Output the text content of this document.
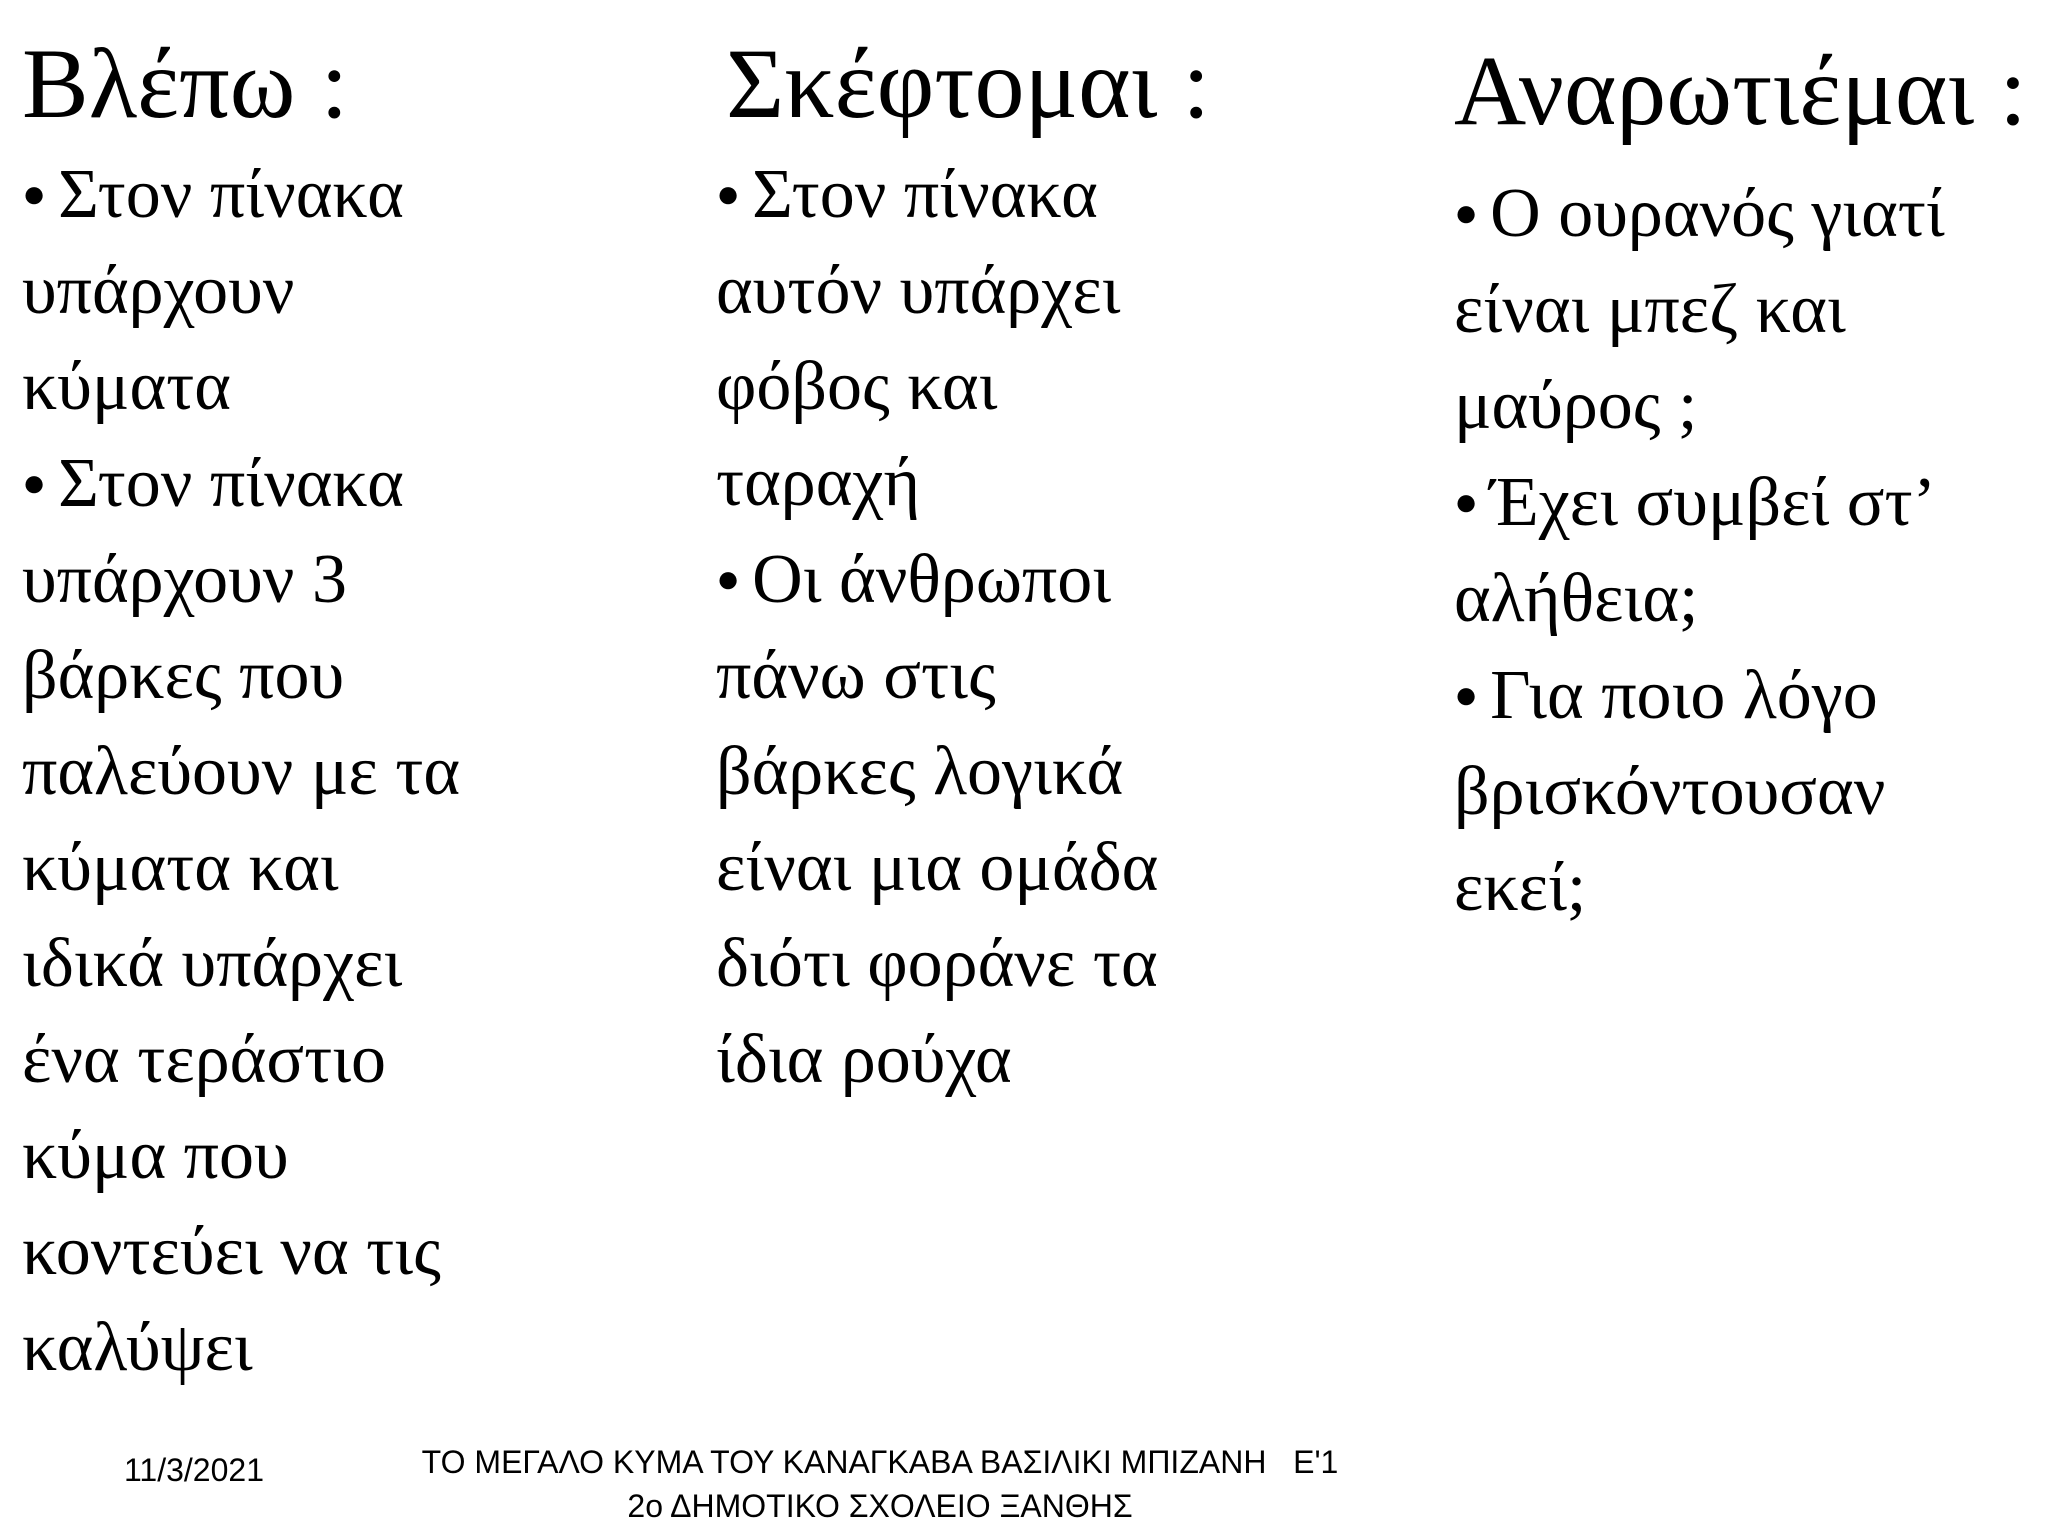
Βλέπω :
● Στον πίνακα
υπάρχουν
κύματα
● Στον πίνακα
υπάρχουν 3
βάρκες που
παλεύουν με τα
κύματα και
ιδικά υπάρχει
ένα τεράστιο
κύμα που
κοντεύει να τις
καλύψει
Σκέφτομαι :
● Στον πίνακα
αυτόν υπάρχει
φόβος και
ταραχή
● Οι άνθρωποι
πάνω στις
βάρκες λογικά
είναι μια ομάδα
διότι φοράνε τα
ίδια ρούχα
Αναρωτιέμαι :
● Ο ουρανός γιατί
είναι μπεζ και
μαύρος ;
● Έχει συμβεί στ’
αλήθεια;
● Για ποιο λόγο
βρισκόντουσαν
εκεί;
11/3/2021	ΤΟ ΜΕΓΑΛΟ ΚΥΜΑ ΤΟΥ ΚΑΝΑΓΚΑΒΑ ΒΑΣΙΛΙΚΙ ΜΠΙΖΑΝΗ   Ε'1
2ο ΔΗΜΟΤΙΚΟ ΣΧΟΛΕΙΟ ΞΑΝΘΗΣ
